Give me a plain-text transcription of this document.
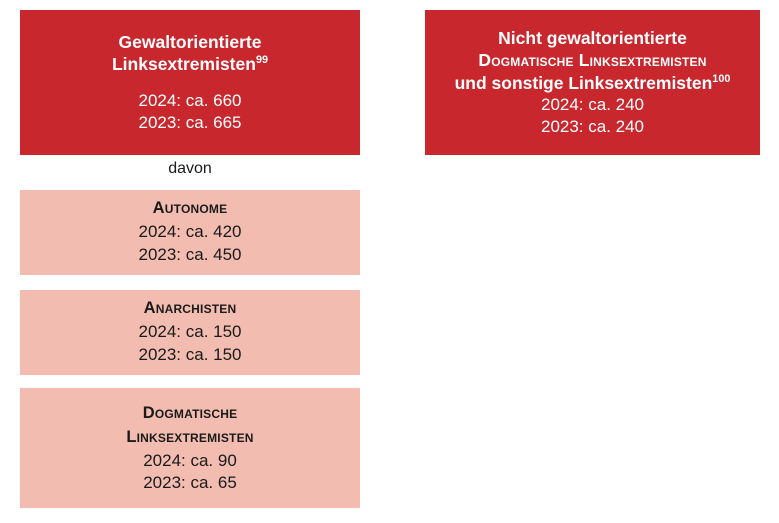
Gewaltorientierte
Linksextremisten$^{99}$
2024: ca. 660
2023: ca. 665
davon
Autonome
2024: ca. 420
2023: ca. 450
Anarchisten
2024: ca. 150
2023: ca. 150
Dogmatische
Linksextremisten
2024: ca. 90
2023: ca. 65
Nicht gewaltorientierte
Dogmatische Linksextremisten
und sonstige Linksextremisten$^{100}$
2024: ca. 240
2023: ca. 240
